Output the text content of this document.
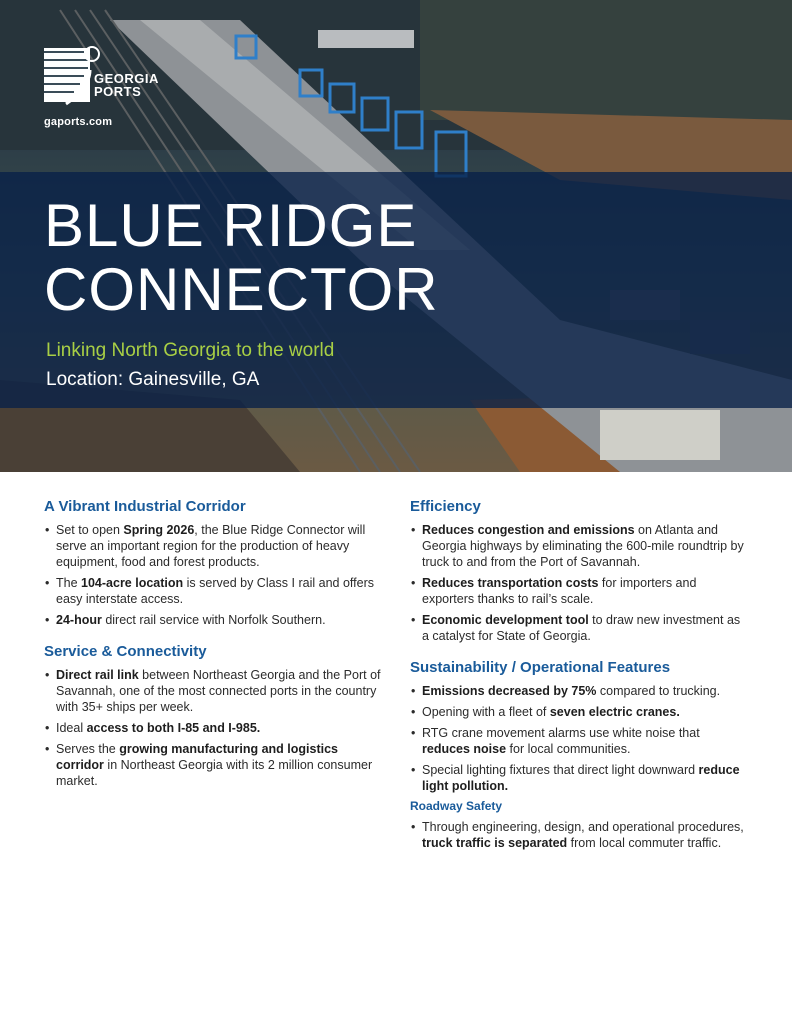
GEORGIA
PORTS
gaports.com
BLUE RIDGE
CONNECTOR
Linking North Georgia to the world
Location: Gainesville, GA
A Vibrant Industrial Corridor
• Set to open Spring 2026, the Blue Ridge Connector will serve an important region for the production of heavy equipment, food and forest products.
• The 104-acre location is served by Class I rail and offers easy interstate access.
• 24-hour direct rail service with Norfolk Southern.
Service & Connectivity
• Direct rail link between Northeast Georgia and the Port of Savannah, one of the most connected ports in the country with 35+ ships per week.
• Ideal access to both I-85 and I-985.
• Serves the growing manufacturing and logistics corridor in Northeast Georgia with its 2 million consumer market.
Efficiency
• Reduces congestion and emissions on Atlanta and Georgia highways by eliminating the 600-mile roundtrip by truck to and from the Port of Savannah.
• Reduces transportation costs for importers and exporters thanks to rail’s scale.
• Economic development tool to draw new investment as a catalyst for State of Georgia.
Sustainability / Operational Features
• Emissions decreased by 75% compared to trucking.
• Opening with a fleet of seven electric cranes.
• RTG crane movement alarms use white noise that reduces noise for local communities.
• Special lighting fixtures that direct light downward reduce light pollution.
Roadway Safety
• Through engineering, design, and operational procedures, truck traffic is separated from local commuter traffic.
